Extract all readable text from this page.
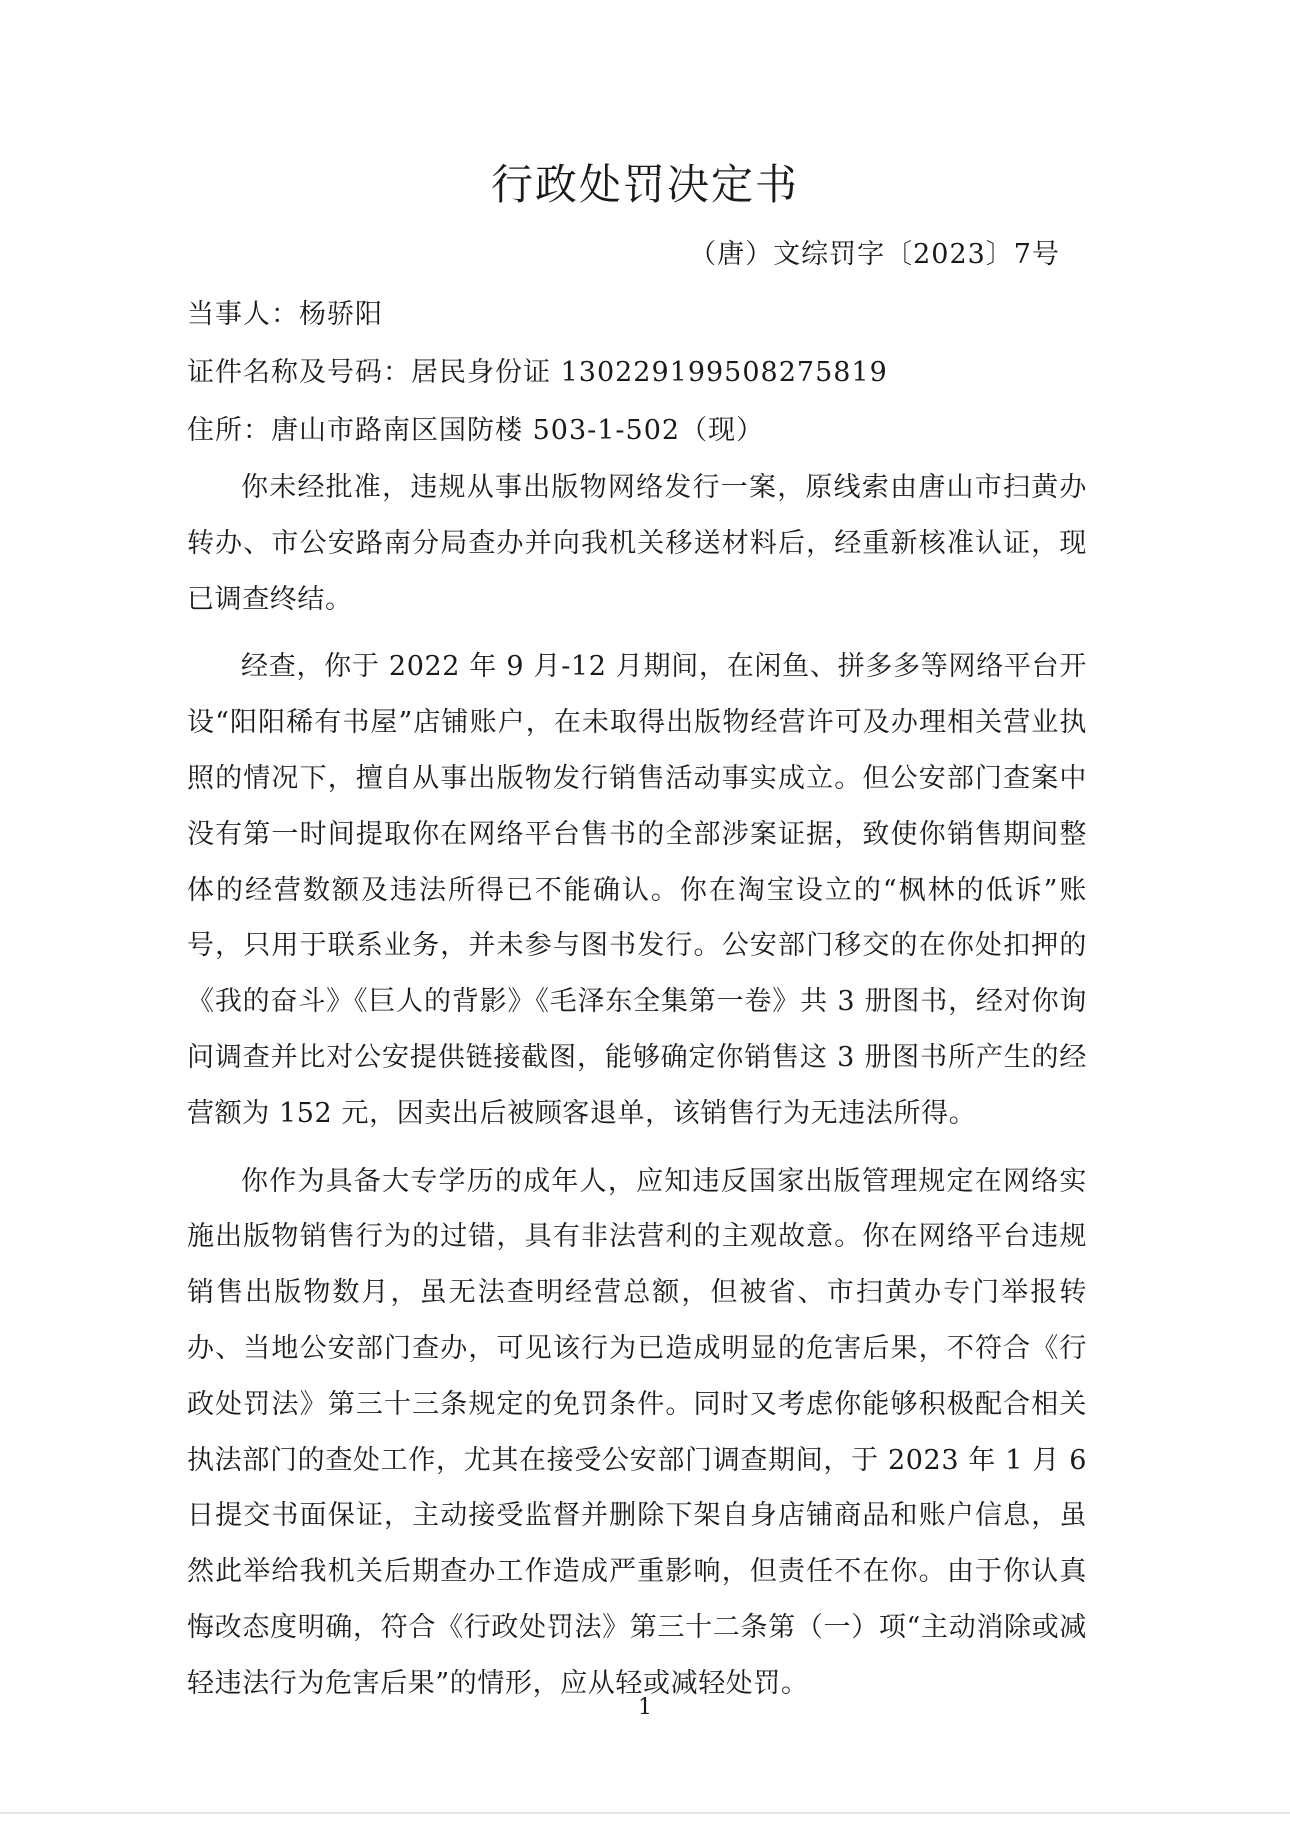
行政处罚决定书
（唐）文综罚字〔2023〕7号
当事人：杨骄阳
证件名称及号码：居民身份证 130229199508275819
住所：唐山市路南区国防楼 503-1-502（现）

你未经批准，违规从事出版物网络发行一案，原线索由唐山市扫黄办转办、市公安路南分局查办并向我机关移送材料后，经重新核准认证，现已调查终结。

经查，你于 2022 年 9 月-12 月期间，在闲鱼、拼多多等网络平台开设“阳阳稀有书屋”店铺账户，在未取得出版物经营许可及办理相关营业执照的情况下，擅自从事出版物发行销售活动事实成立。但公安部门查案中没有第一时间提取你在网络平台售书的全部涉案证据，致使你销售期间整体的经营数额及违法所得已不能确认。你在淘宝设立的“枫林的低诉”账号，只用于联系业务，并未参与图书发行。公安部门移交的在你处扣押的《我的奋斗》《巨人的背影》《毛泽东全集第一卷》共 3 册图书，经对你询问调查并比对公安提供链接截图，能够确定你销售这 3 册图书所产生的经营额为 152 元，因卖出后被顾客退单，该销售行为无违法所得。

你作为具备大专学历的成年人，应知违反国家出版管理规定在网络实施出版物销售行为的过错，具有非法营利的主观故意。你在网络平台违规销售出版物数月，虽无法查明经营总额，但被省、市扫黄办专门举报转办、当地公安部门查办，可见该行为已造成明显的危害后果，不符合《行政处罚法》第三十三条规定的免罚条件。同时又考虑你能够积极配合相关执法部门的查处工作，尤其在接受公安部门调查期间，于 2023 年 1 月 6 日提交书面保证，主动接受监督并删除下架自身店铺商品和账户信息，虽然此举给我机关后期查办工作造成严重影响，但责任不在你。由于你认真悔改态度明确，符合《行政处罚法》第三十二条第（一）项“主动消除或减轻违法行为危害后果”的情形，应从轻或减轻处罚。

1
